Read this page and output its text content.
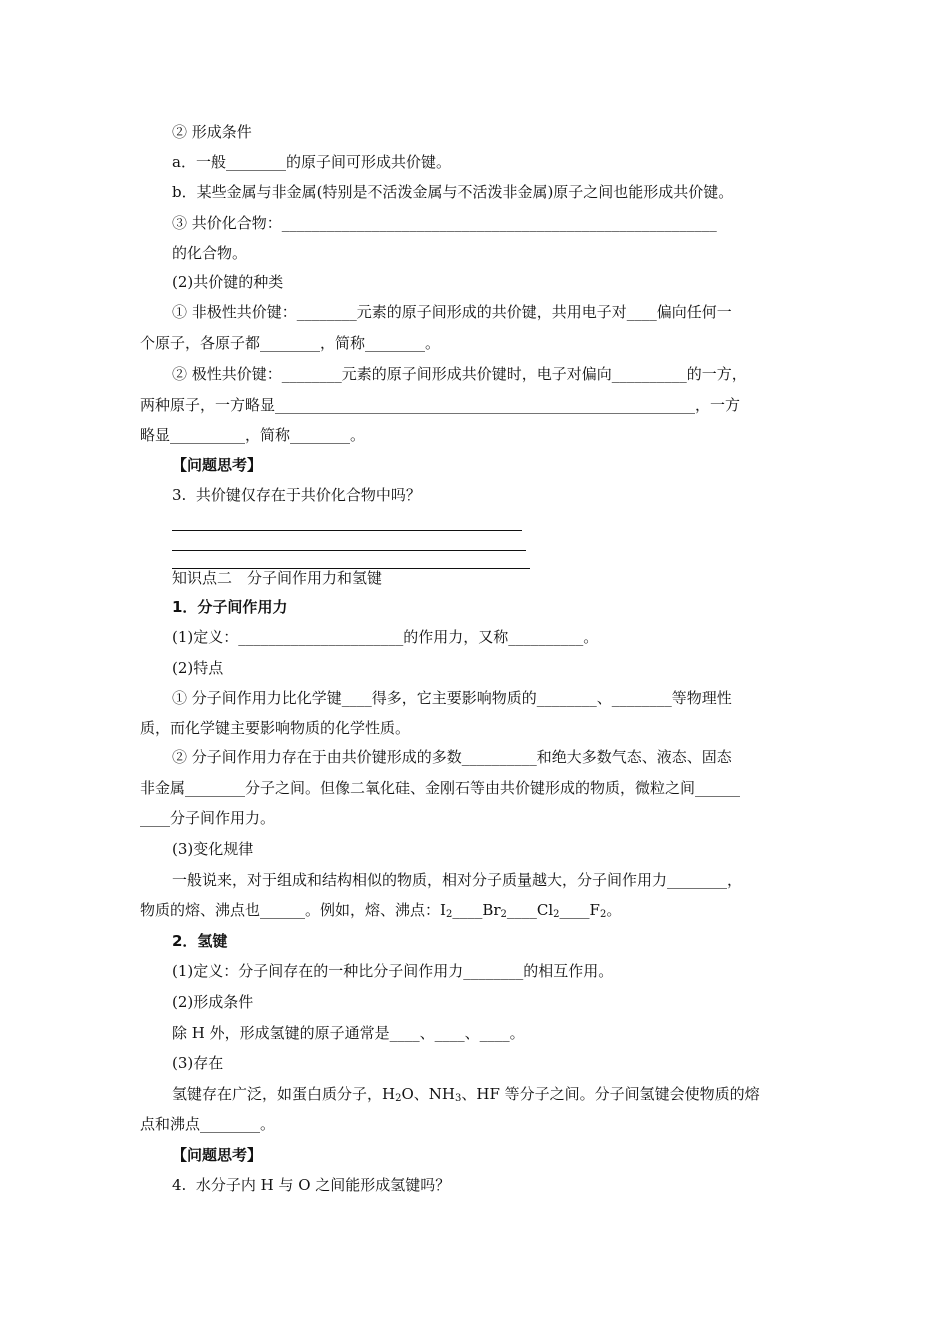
② 形成条件
a．一般________的原子间可形成共价键。
b．某些金属与非金属(特别是不活泼金属与不活泼非金属)原子之间也能形成共价键。
③ 共价化合物：__________________________________________________________
的化合物。
(2)共价键的种类
① 非极性共价键：________元素的原子间形成的共价键，共用电子对____偏向任何一
个原子，各原子都________，简称________。
② 极性共价键：________元素的原子间形成共价键时，电子对偏向__________的一方，
两种原子，一方略显________________________________________________________，一方
略显__________，简称________。
【问题思考】
3.  共价键仅存在于共价化合物中吗？
知识点二　分子间作用力和氢键
1．分子间作用力
(1)定义：______________________的作用力，又称__________。
(2)特点
① 分子间作用力比化学键____得多，它主要影响物质的________、________等物理性
质，而化学键主要影响物质的化学性质。
② 分子间作用力存在于由共价键形成的多数__________和绝大多数气态、液态、固态
非金属________分子之间。但像二氧化硅、金刚石等由共价键形成的物质，微粒之间______
____分子间作用力。
(3)变化规律
一般说来，对于组成和结构相似的物质，相对分子质量越大，分子间作用力________，
物质的熔、沸点也______。例如，熔、沸点：$I_2\_\_\_\_Br_2\_\_\_\_Cl_2\_\_\_\_F_2$。
2．氢键
(1)定义：分子间存在的一种比分子间作用力________的相互作用。
(2)形成条件
除 H 外，形成氢键的原子通常是____、____、____。
(3)存在
氢键存在广泛，如蛋白质分子，$H_2O$、$NH_3$、HF 等分子之间。分子间氢键会使物质的熔
点和沸点________。
【问题思考】
4.  水分子内 H 与 O 之间能形成氢键吗？
